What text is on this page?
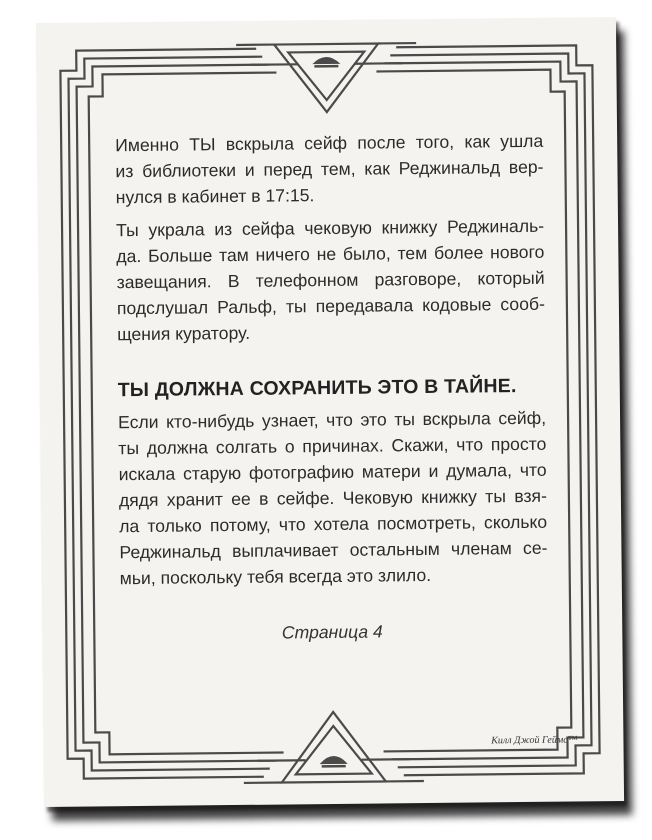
Именно ТЫ вскрыла сейф после того, как ушла
из библиотеки и перед тем, как Реджинальд вер-
нулся в кабинет в 17:15.

Ты украла из сейфа чековую книжку Реджиналь-
да. Больше там ничего не было, тем более нового
завещания. В телефонном разговоре, который
подслушал Ральф, ты передавала кодовые сооб-
щения куратору.

ТЫ ДОЛЖНА СОХРАНИТЬ ЭТО В ТАЙНЕ.

Если кто-нибудь узнает, что это ты вскрыла сейф,
ты должна солгать о причинах. Скажи, что просто
искала старую фотографию матери и думала, что
дядя хранит ее в сейфе. Чековую книжку ты взя-
ла только потому, что хотела посмотреть, сколько
Реджинальд выплачивает остальным членам се-
мьи, поскольку тебя всегда это злило.

Страница 4
Килл Джой Геймс™
